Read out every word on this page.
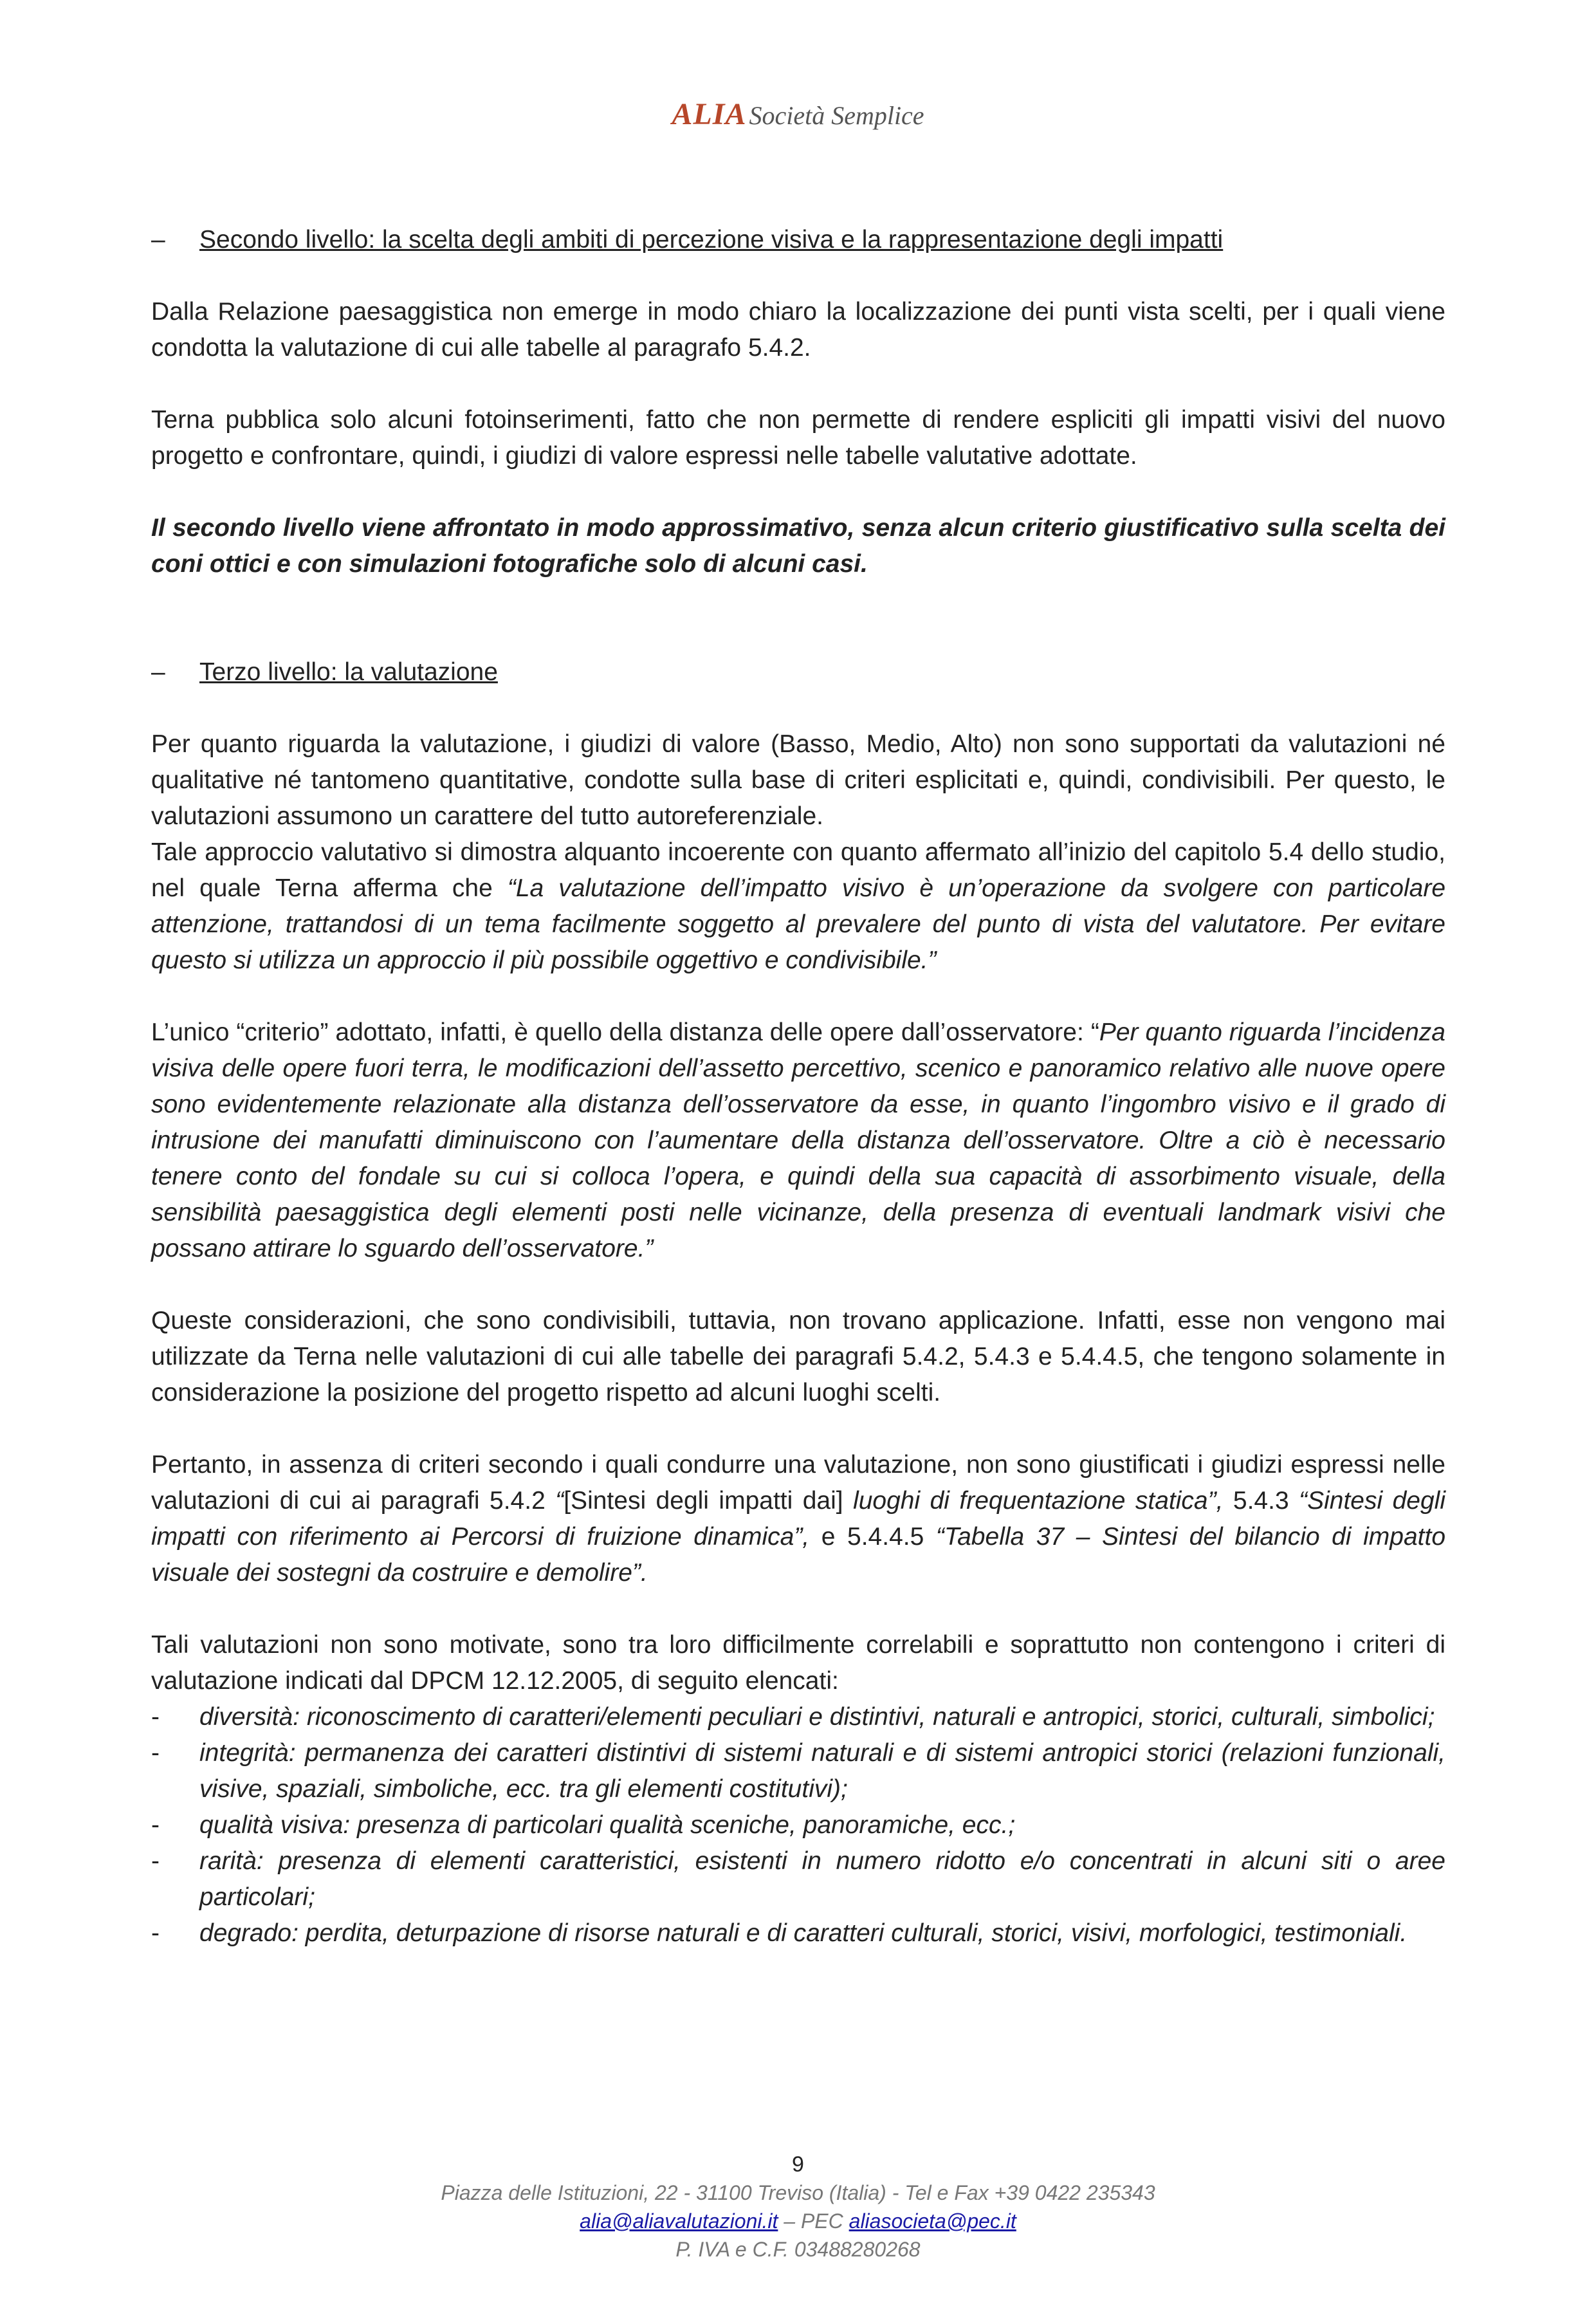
ALIA Società Semplice
– Secondo livello: la scelta degli ambiti di percezione visiva e la rappresentazione degli impatti

Dalla Relazione paesaggistica non emerge in modo chiaro la localizzazione dei punti vista scelti, per i quali viene condotta la valutazione di cui alle tabelle al paragrafo 5.4.2.

Terna pubblica solo alcuni fotoinserimenti, fatto che non permette di rendere espliciti gli impatti visivi del nuovo progetto e confrontare, quindi, i giudizi di valore espressi nelle tabelle valutative adottate.

Il secondo livello viene affrontato in modo approssimativo, senza alcun criterio giustificativo sulla scelta dei coni ottici e con simulazioni fotografiche solo di alcuni casi.

– Terzo livello: la valutazione

Per quanto riguarda la valutazione, i giudizi di valore (Basso, Medio, Alto) non sono supportati da valutazioni né qualitative né tantomeno quantitative, condotte sulla base di criteri esplicitati e, quindi, condivisibili. Per questo, le valutazioni assumono un carattere del tutto autoreferenziale.

Tale approccio valutativo si dimostra alquanto incoerente con quanto affermato all’inizio del capitolo 5.4 dello studio, nel quale Terna afferma che “La valutazione dell’impatto visivo è un’operazione da svolgere con particolare attenzione, trattandosi di un tema facilmente soggetto al prevalere del punto di vista del valutatore. Per evitare questo si utilizza un approccio il più possibile oggettivo e condivisibile.”

L’unico “criterio” adottato, infatti, è quello della distanza delle opere dall’osservatore: “Per quanto riguarda l’incidenza visiva delle opere fuori terra, le modificazioni dell’assetto percettivo, scenico e panoramico relativo alle nuove opere sono evidentemente relazionate alla distanza dell’osservatore da esse, in quanto l’ingombro visivo e il grado di intrusione dei manufatti diminuiscono con l’aumentare della distanza dell’osservatore. Oltre a ciò è necessario tenere conto del fondale su cui si colloca l’opera, e quindi della sua capacità di assorbimento visuale, della sensibilità paesaggistica degli elementi posti nelle vicinanze, della presenza di eventuali landmark visivi che possano attirare lo sguardo dell’osservatore.”

Queste considerazioni, che sono condivisibili, tuttavia, non trovano applicazione. Infatti, esse non vengono mai utilizzate da Terna nelle valutazioni di cui alle tabelle dei paragrafi 5.4.2, 5.4.3 e 5.4.4.5, che tengono solamente in considerazione la posizione del progetto rispetto ad alcuni luoghi scelti.

Pertanto, in assenza di criteri secondo i quali condurre una valutazione, non sono giustificati i giudizi espressi nelle valutazioni di cui ai paragrafi 5.4.2 “[Sintesi degli impatti dai] luoghi di frequentazione statica”, 5.4.3 “Sintesi degli impatti con riferimento ai Percorsi di fruizione dinamica”, e 5.4.4.5 “Tabella 37 – Sintesi del bilancio di impatto visuale dei sostegni da costruire e demolire”.

Tali valutazioni non sono motivate, sono tra loro difficilmente correlabili e soprattutto non contengono i criteri di valutazione indicati dal DPCM 12.12.2005, di seguito elencati:

- diversità: riconoscimento di caratteri/elementi peculiari e distintivi, naturali e antropici, storici, culturali, simbolici;
- integrità: permanenza dei caratteri distintivi di sistemi naturali e di sistemi antropici storici (relazioni funzionali, visive, spaziali, simboliche, ecc. tra gli elementi costitutivi);
- qualità visiva: presenza di particolari qualità sceniche, panoramiche, ecc.;
- rarità: presenza di elementi caratteristici, esistenti in numero ridotto e/o concentrati in alcuni siti o aree particolari;
- degrado: perdita, deturpazione di risorse naturali e di caratteri culturali, storici, visivi, morfologici, testimoniali.
9
Piazza delle Istituzioni, 22 - 31100 Treviso (Italia) - Tel e Fax +39 0422 235343
alia@aliavalutazioni.it – PEC aliasocieta@pec.it
P. IVA e C.F. 03488280268
